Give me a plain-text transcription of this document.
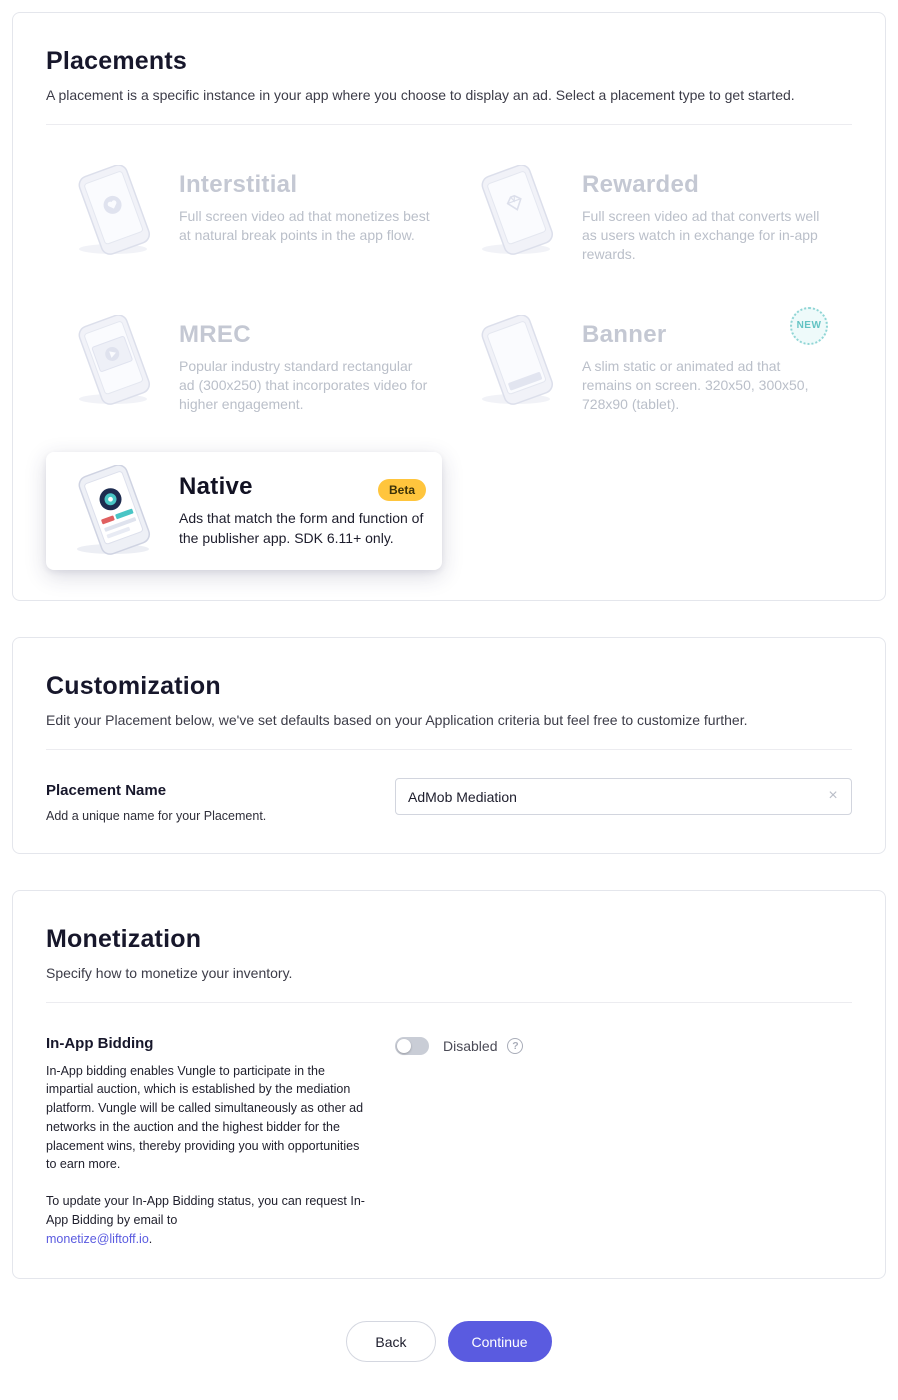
Placements

A placement is a specific instance in your app where you choose to display an ad. Select a placement type to get started.

Interstitial
Full screen video ad that monetizes best at natural break points in the app flow.
Rewarded
Full screen video ad that converts well as users watch in exchange for in-app rewards.
MREC
Popular industry standard rectangular ad (300x250) that incorporates video for higher engagement.
Banner
A slim static or animated ad that remains on screen. 320x50, 300x50, 728x90 (tablet).
NEW
Native	Beta
Ads that match the form and function of the publisher app. SDK 6.11+ only.
Customization

Edit your Placement below, we've set defaults based on your Application criteria but feel free to customize further.

Placement Name
Add a unique name for your Placement.
AdMob Mediation
×
Monetization

Specify how to monetize your inventory.

In-App Bidding

In-App bidding enables Vungle to participate in the impartial auction, which is established by the mediation platform. Vungle will be called simultaneously as other ad networks in the auction and the highest bidder for the placement wins, thereby providing you with opportunities to earn more.

To update your In-App Bidding status, you can request In-App Bidding by email to
monetize@liftoff.io.

Disabled
?
Back	Continue
